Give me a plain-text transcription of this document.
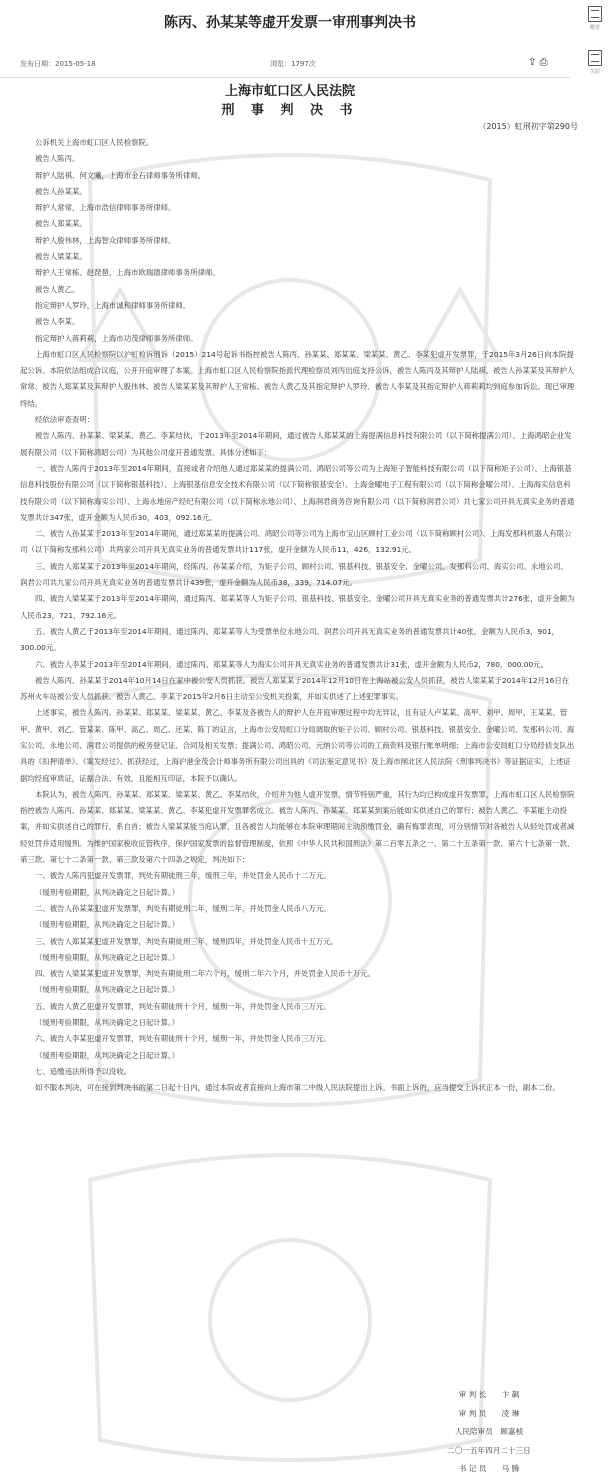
陈丙、孙某某等虚开发票一审刑事判决书	概要
关联
发布日期：2015-05-18	浏览：1797次	⇪ ⎙
上海市虹口区人民法院
刑 事 判 决 书
（2015）虹刑初字第290号

公诉机关上海市虹口区人民检察院。

被告人陈丙。

辩护人陆祺、何文曦，上海市金石律师事务所律师。

被告人孙某某。

辩护人常常，上海市浩信律师事务所律师。

被告人郑某某。

辩护人殷伟林，上海智众律师事务所律师。

被告人梁某某。

辩护人王常栋、赵琵琶，上海市欧瑞德律师事务所律师。

被告人黄乙。

指定辩护人罗玲，上海市诚和律师事务所律师。

被告人李某。

指定辩护人蒋莉莉，上海市功茂律师事务所律师。

上海市虹口区人民检察院以沪虹检诉刑诉（2015）214号起诉书指控被告人陈丙、孙某某、郑某某、梁某某、黄乙、李某犯虚开发票罪，于2015年3月26日向本院提起公诉。本院依法组成合议庭，公开开庭审理了本案。上海市虹口区人民检察院指派代理检察员刘丙出庭支持公诉，被告人陈丙及其辩护人陆祺、被告人孙某某及其辩护人常常、被告人郑某某及其辩护人殷伟林、被告人梁某某及其辩护人王常栋、被告人黄乙及其指定辩护人罗玲、被告人李某及其指定辩护人蒋莉莉均到庭参加诉讼。现已审理终结。

经依法审查查明：

被告人陈丙、孙某某、梁某某、黄乙、李某结伙，于2013年至2014年期间，通过被告人郑某某的上海提满信息科技有限公司（以下简称提满公司）、上海鸿昭企业发展有限公司（以下简称鸿昭公司）为其他公司虚开普通发票。具体分述如下：

一、被告人陈丙于2013年至2014年期间，直接或者介绍他人通过郑某某的提满公司、鸿昭公司等公司为上海矩子智能科技有限公司（以下简称矩子公司）、上海银基信息科技股份有限公司（以下简称银基科技）、上海银基信息安全技术有限公司（以下简称银基安全）、上海金曜电子工程有限公司（以下简称金曜公司）、上海海实信息科技有限公司（以下简称海实公司）、上海永地房产经纪有限公司（以下简称永地公司）、上海润君商务咨询有限公司（以下简称润君公司）共七家公司开具无真实业务的普通发票共计347张，虚开金额为人民币30，403，092.16元。

二、被告人孙某某于2013年至2014年期间，通过郑某某的提满公司、鸿昭公司等公司为上海市宝山区顾村工业公司（以下简称顾村公司）、上海发那科机器人有限公司（以下简称发那科公司）共两家公司开具无真实业务的普通发票共计117张，虚开金额为人民币11，426，132.91元。

三、被告人郑某某于2013年至2014年期间，经陈丙、孙某某介绍，为矩子公司、顾村公司、银基科技、银基安全、金曜公司、发那科公司、海实公司、永地公司、润君公司共九家公司开具无真实业务的普通发票共计439张，虚开金额为人民币38，339，714.07元。

四、被告人梁某某于2013年至2014年期间，通过陈丙、郑某某等人为矩子公司、银基科技、银基安全、金曜公司开具无真实业务的普通发票共计276张，虚开金额为人民币23，721，792.16元。

五、被告人黄乙于2013年至2014年期间，通过陈丙、郑某某等人为受票单位永地公司、润君公司开具无真实业务的普通发票共计40张，金额为人民币3，901，300.00元。

六、被告人李某于2013年至2014年期间，通过陈丙、郑某某等人为海实公司开具无真实业务的普通发票共计31张，虚开金额为人民币2，780，000.00元。

被告人陈丙、孙某某于2014年10月14日在家中被公安人员抓获。被告人郑某某于2014年12月10日在上海站被公安人员抓获，被告人梁某某于2014年12月16日在苏州火车站被公安人员抓获。被告人黄乙、李某于2015年2月6日主动至公安机关投案，并如实供述了上述犯罪事实。

上述事实，被告人陈丙、孙某某、郑某某、梁某某、黄乙、李某及各被告人的辩护人在开庭审理过程中均无异议，且有证人卢某某、高甲、刘甲、周甲、王某某、管甲、黄甲、刘乙、管某某、陈甲、高乙、周乙、还某、陈丁的证言，上海市公安局虹口分局调取的矩子公司、顾村公司、银基科技、银基安全、金曜公司、发那科公司、海实公司、永地公司、润君公司提供的税务登记证、合同及相关发票；提满公司、鸿昭公司、元纳公司等公司的工商资料及银行账单明细；上海市公安局虹口分局经侦支队出具的《扣押清单》、《案发经过》、抓获经过，上海沪港金茂会计师事务所有限公司出具的《司法鉴定意见书》及上海市闸北区人民法院《刑事判决书》等证据证实，上述证据均经庭审质证，证据合法、有效，且能相互印证，本院予以确认。

本院认为，被告人陈丙、孙某某、郑某某、梁某某、黄乙、李某结伙，介绍并为他人虚开发票，情节特别严重，其行为均已构成虚开发票罪，上海市虹口区人民检察院指控被告人陈丙、孙某某、郑某某、梁某某、黄乙、李某犯虚开发票罪名成立。被告人陈丙、孙某某、郑某某到案后能如实供述自己的罪行；被告人黄乙、李某能主动投案，并如实供述自己的罪行，系自首；被告人梁某某能当庭认罪，且各被告人均能够在本院审理期间主动预缴罚金，确有悔罪表现，可分别情节对各被告人从轻处罚或者减轻处罚并适用缓刑。为维护国家税收征管秩序，保护国家发票的监督管理制度，依照《中华人民共和国刑法》第二百零五条之一、第二十五条第一款、第六十七条第一款、第三款、第七十二条第一款、第三款及第六十四条之规定，判决如下：

一、被告人陈丙犯虚开发票罪，判处有期徒刑三年，缓刑三年，并处罚金人民币十二万元。

（缓刑考验期限，从判决确定之日起计算。）

二、被告人孙某某犯虚开发票罪，判处有期徒刑二年，缓刑二年，并处罚金人民币八万元。

（缓刑考验期限，从判决确定之日起计算。）

三、被告人郑某某犯虚开发票罪，判处有期徒刑三年，缓刑四年，并处罚金人民币十五万元。

（缓刑考验期限，从判决确定之日起计算。）

四、被告人梁某某犯虚开发票罪，判处有期徒刑二年六个月，缓刑二年六个月，并处罚金人民币十万元。

（缓刑考验期限，从判决确定之日起计算。）

五、被告人黄乙犯虚开发票罪，判处有期徒刑十个月，缓刑一年，并处罚金人民币三万元。

（缓刑考验期限，从判决确定之日起计算。）

六、被告人李某犯虚开发票罪，判处有期徒刑十个月，缓刑一年，并处罚金人民币三万元。

（缓刑考验期限，从判决确定之日起计算。）

七、追缴违法所得予以没收。

如不服本判决，可在接到判决书的第二日起十日内，通过本院或者直接向上海市第二中级人民法院提出上诉。书面上诉的，应当提交上诉状正本一份，副本二份。

审 判 长　　卞 飙
审 判 员　　凌 琳
人民陪审员　顾嘉桢
二〇一五年四月二十三日
书 记 员　　马 腾
